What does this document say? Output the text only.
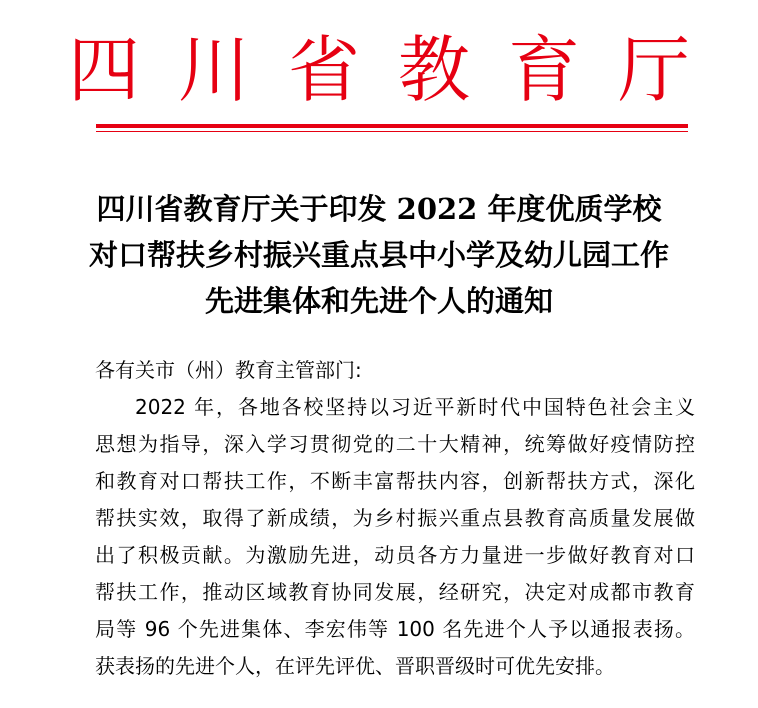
四川省教育厅
四川省教育厅关于印发 2022 年度优质学校
对口帮扶乡村振兴重点县中小学及幼儿园工作
先进集体和先进个人的通知
各有关市（州）教育主管部门:
2022 年，各地各校坚持以习近平新时代中国特色社会主义
思想为指导，深入学习贯彻党的二十大精神，统筹做好疫情防控
和教育对口帮扶工作，不断丰富帮扶内容，创新帮扶方式，深化
帮扶实效，取得了新成绩，为乡村振兴重点县教育高质量发展做
出了积极贡献。为激励先进，动员各方力量进一步做好教育对口
帮扶工作，推动区域教育协同发展，经研究，决定对成都市教育
局等 96 个先进集体、李宏伟等 100 名先进个人予以通报表扬。
获表扬的先进个人，在评先评优、晋职晋级时可优先安排。
